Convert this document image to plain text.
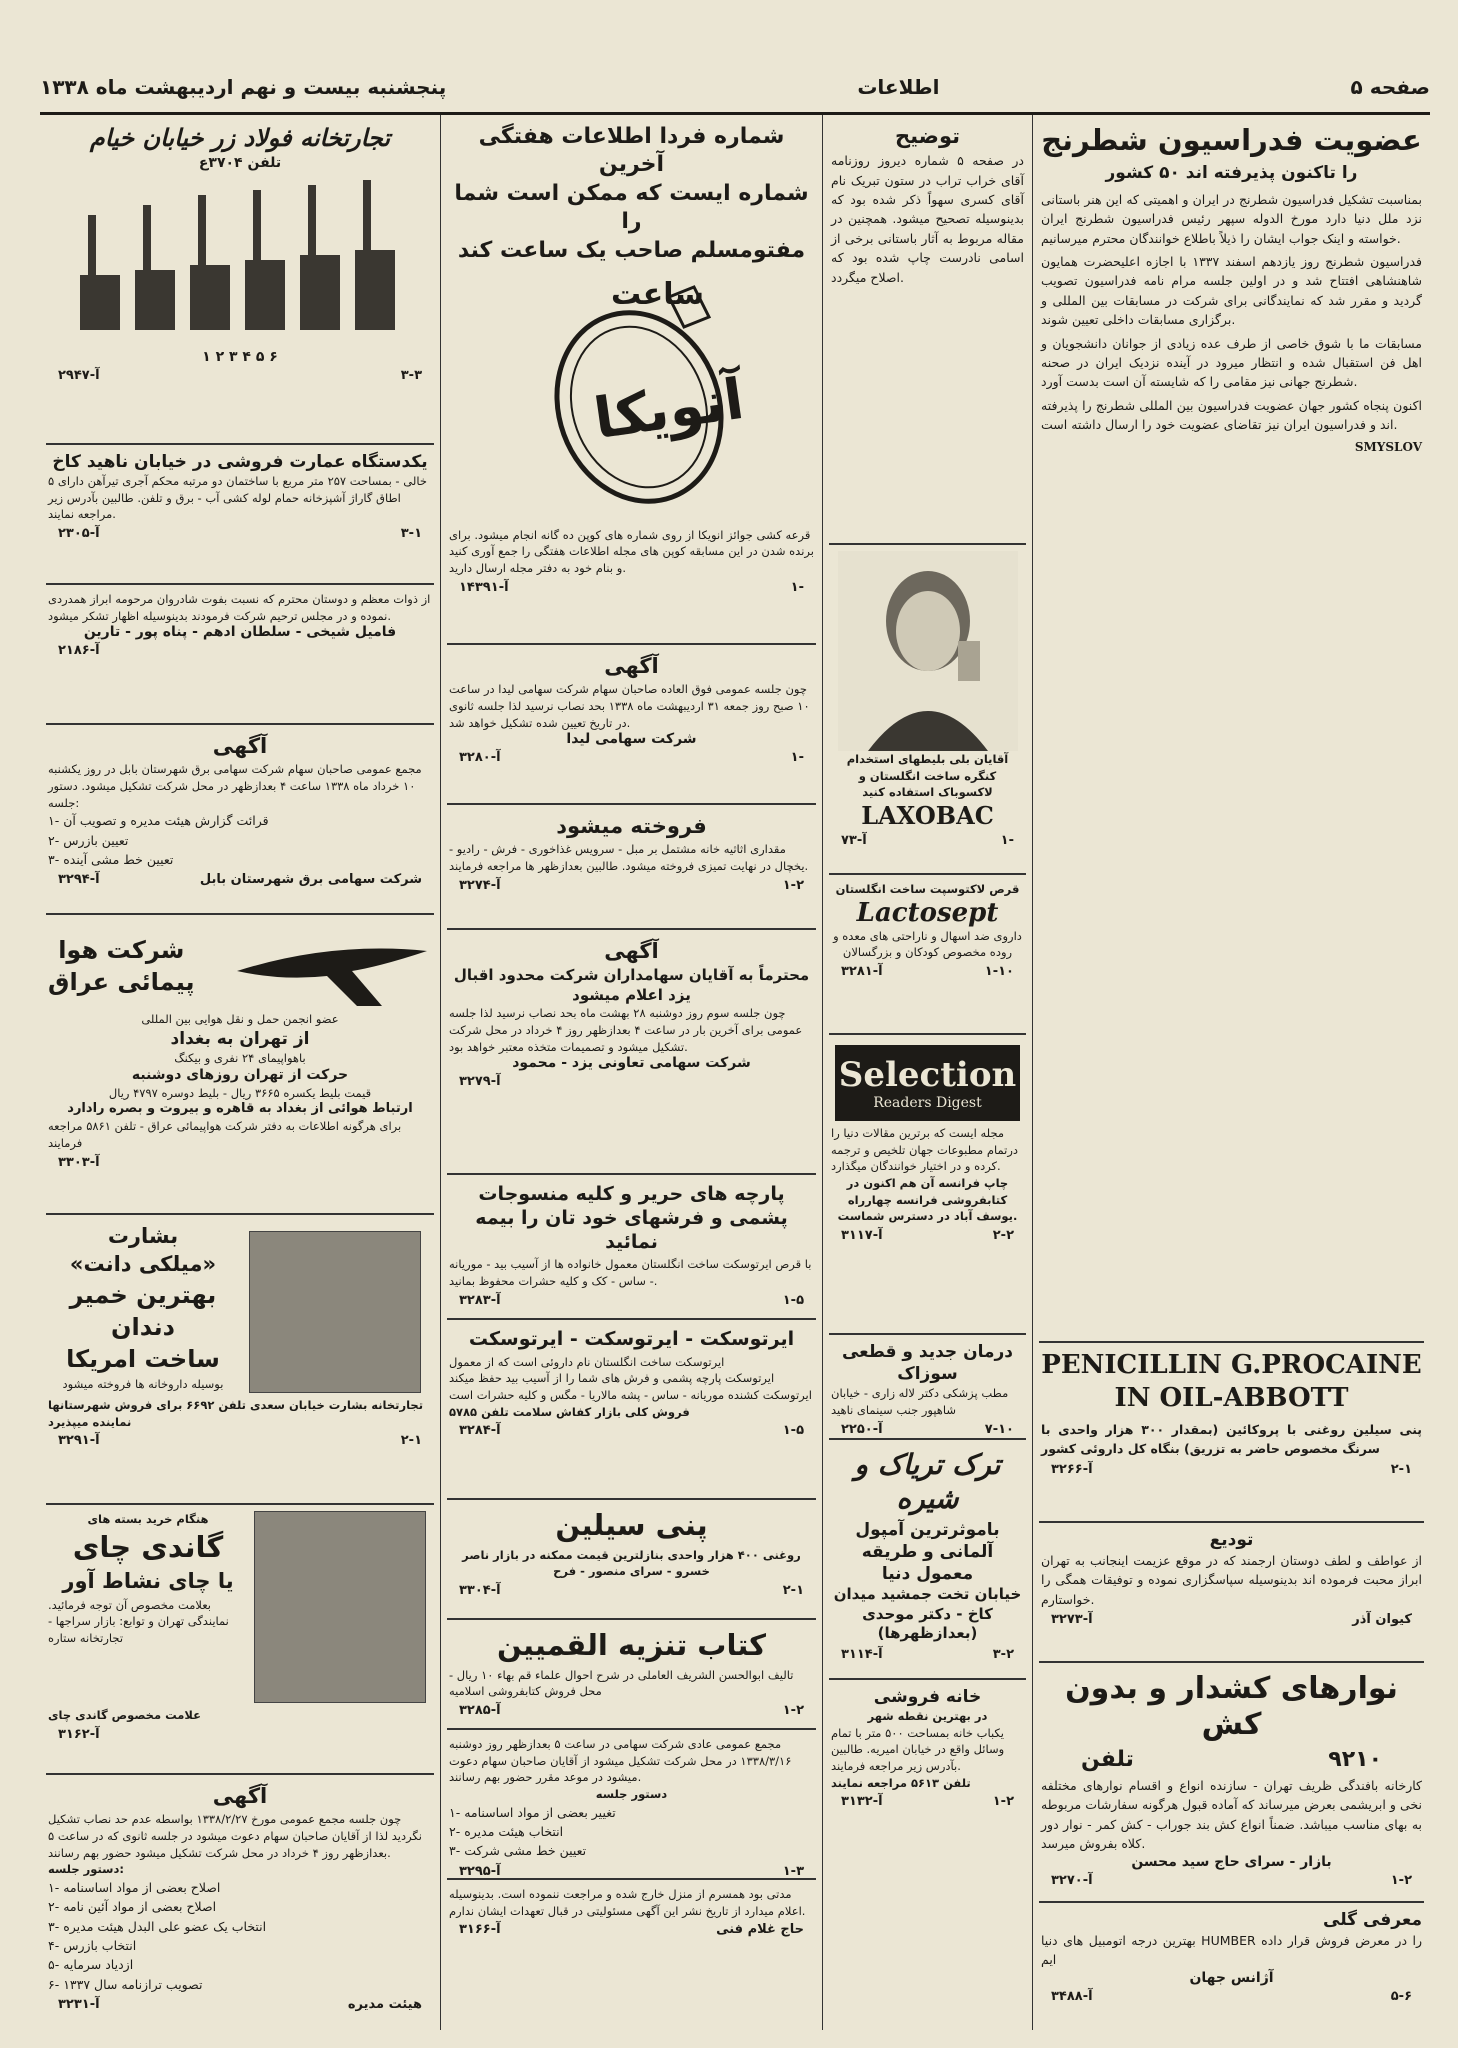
صفحه ۵
اطلاعات
پنجشنبه بیست و نهم اردیبهشت ماه ۱۳۳۸
عضویت فدراسیون شطرنج
را تاکنون پذیرفته اند ۵۰ کشور
بمناسبت تشکیل فدراسیون شطرنج در ایران و اهمیتی که این هنر باستانی نزد ملل دنیا دارد مورخ الدوله سپهر رئیس فدراسیون شطرنج ایران خواسته و اینک جواب ایشان را ذیلاً باطلاع خوانندگان محترم میرسانیم.
فدراسیون شطرنج روز یازدهم اسفند ۱۳۳۷ با اجازه اعلیحضرت همایون شاهنشاهی افتتاح شد و در اولین جلسه مرام نامه فدراسیون تصویب گردید و مقرر شد که نمایندگانی برای شرکت در مسابقات بین المللی و برگزاری مسابقات داخلی تعیین شوند.
مسابقات ما با شوق خاصی از طرف عده زیادی از جوانان دانشجویان و اهل فن استقبال شده و انتظار میرود در آینده نزدیک ایران در صحنه شطرنج جهانی نیز مقامی را که شایسته آن است بدست آورد.
اکنون پنجاه کشور جهان عضویت فدراسیون بین المللی شطرنج را پذیرفته اند و فدراسیون ایران نیز تقاضای عضویت خود را ارسال داشته است.
SMYSLOV
PENICILLIN G.PROCAINE IN OIL-ABBOTT
پنی سیلین روغنی با پروکائین (بمقدار ۳۰۰ هزار واحدی با سرنگ مخصوص حاضر به تزریق) بنگاه کل داروئی کشور
آ-۳۲۶۶	۲-۱
تودیع
از عواطف و لطف دوستان ارجمند که در موقع عزیمت اینجانب به تهران ابراز محبت فرموده اند بدینوسیله سپاسگزاری نموده و توفیقات همگی را خواستارم.
آ-۳۲۷۳	کیوان آذر
نوارهای کشدار و بدون کش
تلفن	۹۲۱۰
کارخانه بافندگی ظریف تهران - سازنده انواع و اقسام نوارهای مختلفه نخی و ابریشمی بعرض میرساند که آماده قبول هرگونه سفارشات مربوطه به بهای مناسب میباشد. ضمناً انواع کش بند جوراب - کش کمر - نوار دور کلاه بفروش میرسد.
بازار - سرای حاج سید محسن
آ-۳۲۷۰	۱-۲
معرفی گلی
بهترین درجه اتومبیل های دنیا HUMBER را در معرض فروش قرار داده ایم
آژانس جهان
آ-۳۴۸۸	۵-۶
توضیح
در صفحه ۵ شماره دیروز روزنامه آقای خراب تراب در ستون تبریک نام آقای کسری سهواً ذکر شده بود که بدینوسیله تصحیح میشود. همچنین در مقاله مربوط به آثار باستانی برخی از اسامی نادرست چاپ شده بود که اصلاح میگردد.
آقایان بلی بلیطهای استخدام کنگره ساخت انگلستان و لاکسوباک استفاده کنید
LAXOBAC
آ-۷۳	۱-
قرص لاکتوسپت ساخت انگلستان
Lactosept
داروی ضد اسهال و ناراحتی های معده و روده مخصوص کودکان و بزرگسالان
آ-۳۲۸۱	۱-۱۰
Selection
Readers Digest
مجله ایست که برترین مقالات دنیا را درتمام مطبوعات جهان تلخیص و ترجمه کرده و در اختیار خوانندگان میگذارد.
چاپ فرانسه آن هم اکنون در کتابفروشی فرانسه چهارراه یوسف آباد در دسترس شماست.
آ-۳۱۱۷	۲-۲
درمان جدید و قطعی سوزاک
مطب پزشکی دکتر لاله زاری - خیابان شاهپور جنب سینمای ناهید
آ-۲۲۵۰	۷-۱۰
ترک تریاک و شیره
باموثرترین آمپول آلمانی و طریقه معمول دنیا
خیابان تخت جمشید میدان کاخ - دکتر موحدی (بعدازظهرها)
آ-۳۱۱۴	۳-۲
خانه فروشی
در بهترین نقطه شهر
یکباب خانه بمساحت ۵۰۰ متر با تمام وسائل واقع در خیابان امیریه. طالبین بآدرس زیر مراجعه فرمایند.
تلفن ۵۶۱۳ مراجعه نمایند
آ-۳۱۳۲	۱-۲
شماره فردا اطلاعات هفتگی آخرین
شماره ایست که ممکن است شما را
مفتومسلم صاحب یک ساعت کند
ساعت
آنویکا
قرعه کشی جوائز انویکا از روی شماره های کوپن ده گانه انجام میشود. برای برنده شدن در این مسابقه کوپن های مجله اطلاعات هفتگی را جمع آوری کنید و بنام خود به دفتر مجله ارسال دارید.
آ-۱۴۳۹۱	۱-
آگهی
چون جلسه عمومی فوق العاده صاحبان سهام شرکت سهامی لیدا در ساعت ۱۰ صبح روز جمعه ۳۱ اردیبهشت ماه ۱۳۳۸ بحد نصاب نرسید لذا جلسه ثانوی در تاریخ تعیین شده تشکیل خواهد شد.
شرکت سهامی لیدا
آ-۳۲۸۰	۱-
فروخته میشود
مقداری اثاثیه خانه مشتمل بر مبل - سرویس غذاخوری - فرش - رادیو - یخچال در نهایت تمیزی فروخته میشود. طالبین بعدازظهر ها مراجعه فرمایند.
آ-۳۲۷۴	۱-۲
آگهی
محترماً به آقایان سهامداران شرکت محدود اقبال یزد اعلام میشود
چون جلسه سوم روز دوشنبه ۲۸ بهشت ماه بحد نصاب نرسید لذا جلسه عمومی برای آخرین بار در ساعت ۴ بعدازظهر روز ۴ خرداد در محل شرکت تشکیل میشود و تصمیمات متخذه معتبر خواهد بود.
شرکت سهامی تعاونی یزد - محمود
آ-۳۲۷۹
پارچه های حریر و کلیه منسوجات پشمی و فرشهای خود تان را بیمه نمائید
با قرص ایرتوسکت ساخت انگلستان معمول خانواده ها از آسیب بید - موریانه - ساس - کک و کلیه حشرات محفوظ بمانید.
آ-۳۲۸۳	۱-۵
ایرتوسکت - ایرتوسکت - ایرتوسکت
ایرتوسکت ساخت انگلستان نام داروئی است که از معمول
ایرتوسکت پارچه پشمی و فرش های شما را از آسیب بید حفظ میکند
ایرتوسکت کشنده موریانه - ساس - پشه مالاریا - مگس و کلیه حشرات است
فروش کلی بازار کفاش سلامت تلفن ۵۷۸۵
آ-۳۲۸۴	۱-۵
پنی سیلین
روغنی ۴۰۰ هزار واحدی بنازلترین قیمت ممکنه در بازار ناصر خسرو - سرای منصور - فرح
آ-۳۳۰۴	۲-۱
کتاب تنزیه القمیین
تالیف ابوالحسن الشریف العاملی در شرح احوال علماء قم بهاء ۱۰ ریال - محل فروش کتابفروشی اسلامیه
آ-۳۲۸۵	۱-۲
مجمع عمومی عادی شرکت سهامی در ساعت ۵ بعدازظهر روز دوشنبه ۱۳۳۸/۳/۱۶ در محل شرکت تشکیل میشود از آقایان صاحبان سهام دعوت میشود در موعد مقرر حضور بهم رسانند.
دستور جلسه
۱- تغییر بعضی از مواد اساسنامه
۲- انتخاب هیئت مدیره
۳- تعیین خط مشی شرکت
آ-۳۲۹۵	۱-۳
مدتی بود همسرم از منزل خارج شده و مراجعت ننموده است. بدینوسیله اعلام میدارد از تاریخ نشر این آگهی مسئولیتی در قبال تعهدات ایشان ندارم.
آ-۳۱۶۶	حاج غلام فنی
تجارتخانه فولاد زر خیابان خیام
تلفن ۳۷۰۴ع
۱ ۲ ۳ ۴ ۵ ۶
آ-۲۹۴۷	۳-۳
یکدستگاه عمارت فروشی در خیابان ناهید کاخ
خالی - بمساحت ۲۵۷ متر مربع با ساختمان دو مرتبه محکم آجری تیرآهن دارای ۵ اطاق گاراژ آشپزخانه حمام لوله کشی آب - برق و تلفن. طالبین بآدرس زیر مراجعه نمایند.
آ-۲۳۰۵	۳-۱
از ذوات معظم و دوستان محترم که نسبت بفوت شادروان مرحومه ابراز همدردی نموده و در مجلس ترحیم شرکت فرمودند بدینوسیله اظهار تشکر میشود.
فامیل شیخی - سلطان ادهم - پناه پور - تارین
آ-۲۱۸۶
آگهی
مجمع عمومی صاحبان سهام شرکت سهامی برق شهرستان بابل در روز یکشنبه ۱۰ خرداد ماه ۱۳۳۸ ساعت ۴ بعدازظهر در محل شرکت تشکیل میشود. دستور جلسه:
۱- قرائت گزارش هیئت مدیره و تصویب آن
۲- تعیین بازرس
۳- تعیین خط مشی آینده
آ-۳۲۹۴	شرکت سهامی برق شهرستان بابل
شرکت هوا
پیمائی عراق
عضو انجمن حمل و نقل هوایی بین المللی
از تهران به بغداد
باهواپیمای ۲۴ نفری و بیکنگ
حرکت از تهران روزهای دوشنبه
قیمت بلیط یکسره ۳۶۶۵ ریال - بلیط دوسره ۴۷۹۷ ریال
ارتباط هوائی از بغداد به قاهره و بیروت و بصره رادارد
برای هرگونه اطلاعات به دفتر شرکت هواپیمائی عراق - تلفن ۵۸۶۱ مراجعه فرمایند
آ-۳۳۰۳
بشارت
«میلکی دانت»
بهترین خمیر
دندان
ساخت امریکا
بوسیله داروخانه ها فروخته میشود
تجارتخانه بشارت خیابان سعدی تلفن ۶۶۹۲ برای فروش شهرستانها نماینده میپذیرد
آ-۳۲۹۱	۲-۱
هنگام خرید بسته های
گاندی چای
یا چای نشاط آور
بعلامت مخصوص آن توجه فرمائید. نمایندگی تهران و توابع: بازار سراجها - تجارتخانه ستاره
علامت مخصوص گاندی چای
آ-۳۱۶۲
آگهی
چون جلسه مجمع عمومی مورخ ۱۳۳۸/۲/۲۷ بواسطه عدم حد نصاب تشکیل نگردید لذا از آقایان صاحبان سهام دعوت میشود در جلسه ثانوی که در ساعت ۵ بعدازظهر روز ۴ خرداد در محل شرکت تشکیل میشود حضور بهم رسانند.
دستور جلسه:
۱- اصلاح بعضی از مواد اساسنامه
۲- اصلاح بعضی از مواد آئین نامه
۳- انتخاب یک عضو علی البدل هیئت مدیره
۴- انتخاب بازرس
۵- ازدیاد سرمایه
۶- تصویب ترازنامه سال ۱۳۳۷
آ-۳۲۳۱	هیئت مدیره
